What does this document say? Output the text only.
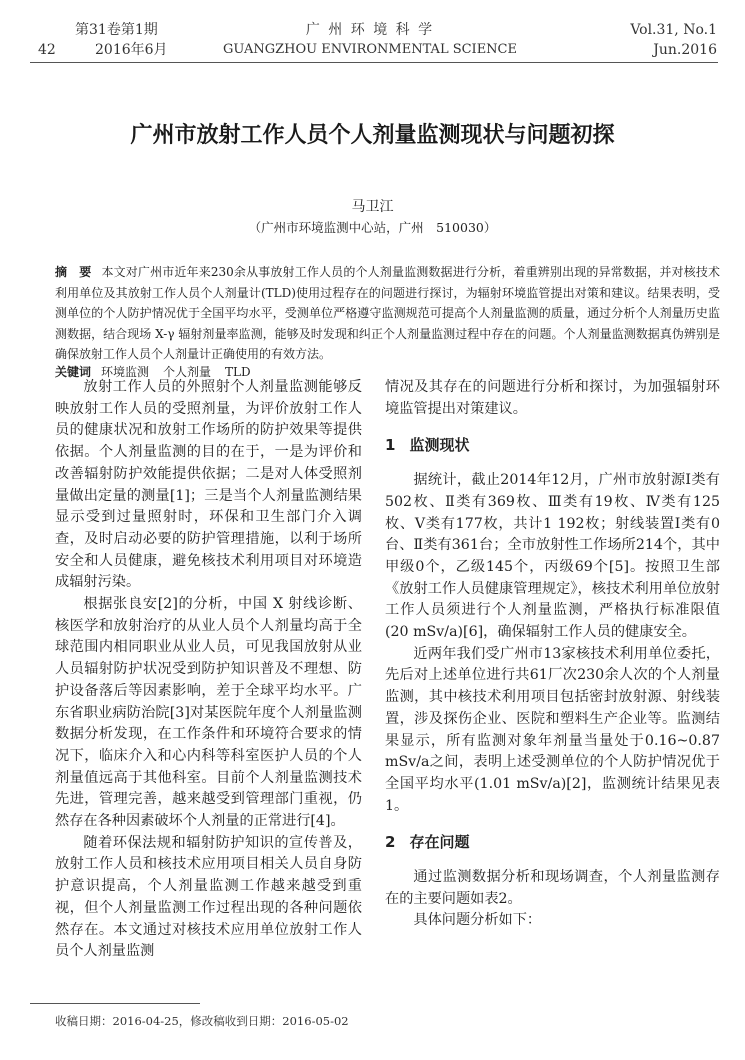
第31卷第1期
42	2016年6月
广 州 环 境 科 学
GUANGZHOU ENVIRONMENTAL SCIENCE
Vol.31, No.1
Jun.2016
广州市放射工作人员个人剂量监测现状与问题初探
马卫江
（广州市环境监测中心站，广州　510030）
摘　要 本文对广州市近年来230余从事放射工作人员的个人剂量监测数据进行分析，着重辨别出现的异常数据，并对核技术利用单位及其放射工作人员个人剂量计(TLD)使用过程存在的问题进行探讨，为辐射环境监管提出对策和建议。结果表明，受测单位的个人防护情况优于全国平均水平，受测单位严格遵守监测规范可提高个人剂量监测的质量，通过分析个人剂量历史监测数据，结合现场 X-γ 辐射剂量率监测，能够及时发现和纠正个人剂量监测过程中存在的问题。个人剂量监测数据真伪辨别是确保放射工作人员个人剂量计正确使用的有效方法。
关键词 环境监测 个人剂量 TLD

放射工作人员的外照射个人剂量监测能够反映放射工作人员的受照剂量，为评价放射工作人员的健康状况和放射工作场所的防护效果等提供依据。个人剂量监测的目的在于，一是为评价和改善辐射防护效能提供依据；二是对人体受照剂量做出定量的测量[1]；三是当个人剂量监测结果显示受到过量照射时，环保和卫生部门介入调查，及时启动必要的防护管理措施，以利于场所安全和人员健康，避免核技术利用项目对环境造成辐射污染。

根据张良安[2]的分析，中国 X 射线诊断、核医学和放射治疗的从业人员个人剂量均高于全球范围内相同职业从业人员，可见我国放射从业人员辐射防护状况受到防护知识普及不理想、防护设备落后等因素影响，差于全球平均水平。广东省职业病防治院[3]对某医院年度个人剂量监测数据分析发现，在工作条件和环境符合要求的情况下，临床介入和心内科等科室医护人员的个人剂量值远高于其他科室。目前个人剂量监测技术先进，管理完善，越来越受到管理部门重视，仍然存在各种因素破坏个人剂量的正常进行[4]。

随着环保法规和辐射防护知识的宣传普及，放射工作人员和核技术应用项目相关人员自身防护意识提高，个人剂量监测工作越来越受到重视，但个人剂量监测工作过程出现的各种问题依然存在。本文通过对核技术应用单位放射工作人员个人剂量监测

情况及其存在的问题进行分析和探讨，为加强辐射环境监管提出对策建议。

1 监测现状

据统计，截止2014年12月，广州市放射源Ⅰ类有502枚、Ⅱ类有369枚、Ⅲ类有19枚、Ⅳ类有125枚、Ⅴ类有177枚，共计1 192枚；射线装置Ⅰ类有0台、Ⅱ类有361台；全市放射性工作场所214个，其中甲级0个，乙级145个，丙级69个[5]。按照卫生部《放射工作人员健康管理规定》，核技术利用单位放射工作人员须进行个人剂量监测，严格执行标准限值(20 mSv/a)[6]，确保辐射工作人员的健康安全。

近两年我们受广州市13家核技术利用单位委托，先后对上述单位进行共61厂次230余人次的个人剂量监测，其中核技术利用项目包括密封放射源、射线装置，涉及探伤企业、医院和塑料生产企业等。监测结果显示，所有监测对象年剂量当量处于0.16~0.87 mSv/a之间，表明上述受测单位的个人防护情况优于全国平均水平(1.01 mSv/a)[2]，监测统计结果见表1。

2 存在问题

通过监测数据分析和现场调查，个人剂量监测存在的主要问题如表2。

具体问题分析如下：

收稿日期：2016-04-25，修改稿收到日期：2016-05-02
